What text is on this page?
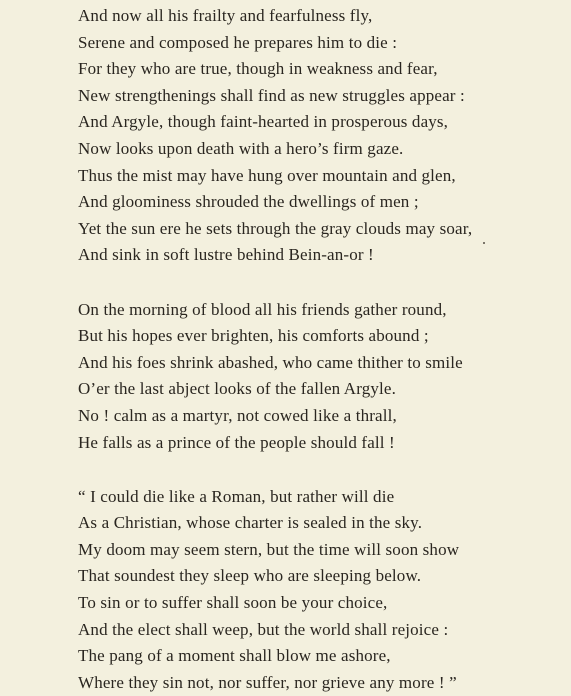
And now all his frailty and fearfulness fly,
Serene and composed he prepares him to die :
For they who are true, though in weakness and fear,
New strengthenings shall find as new struggles appear :
And Argyle, though faint-hearted in prosperous days,
Now looks upon death with a hero’s firm gaze.
Thus the mist may have hung over mountain and glen,
And gloominess shrouded the dwellings of men ;
Yet the sun ere he sets through the gray clouds may soar,
And sink in soft lustre behind Bein-an-or !
On the morning of blood all his friends gather round,
But his hopes ever brighten, his comforts abound ;
And his foes shrink abashed, who came thither to smile
O’er the last abject looks of the fallen Argyle.
No ! calm as a martyr, not cowed like a thrall,
He falls as a prince of the people should fall !
“ I could die like a Roman, but rather will die
As a Christian, whose charter is sealed in the sky.
My doom may seem stern, but the time will soon show
That soundest they sleep who are sleeping below.
To sin or to suffer shall soon be your choice,
And the elect shall weep, but the world shall rejoice :
The pang of a moment shall blow me ashore,
Where they sin not, nor suffer, nor grieve any more ! ”
